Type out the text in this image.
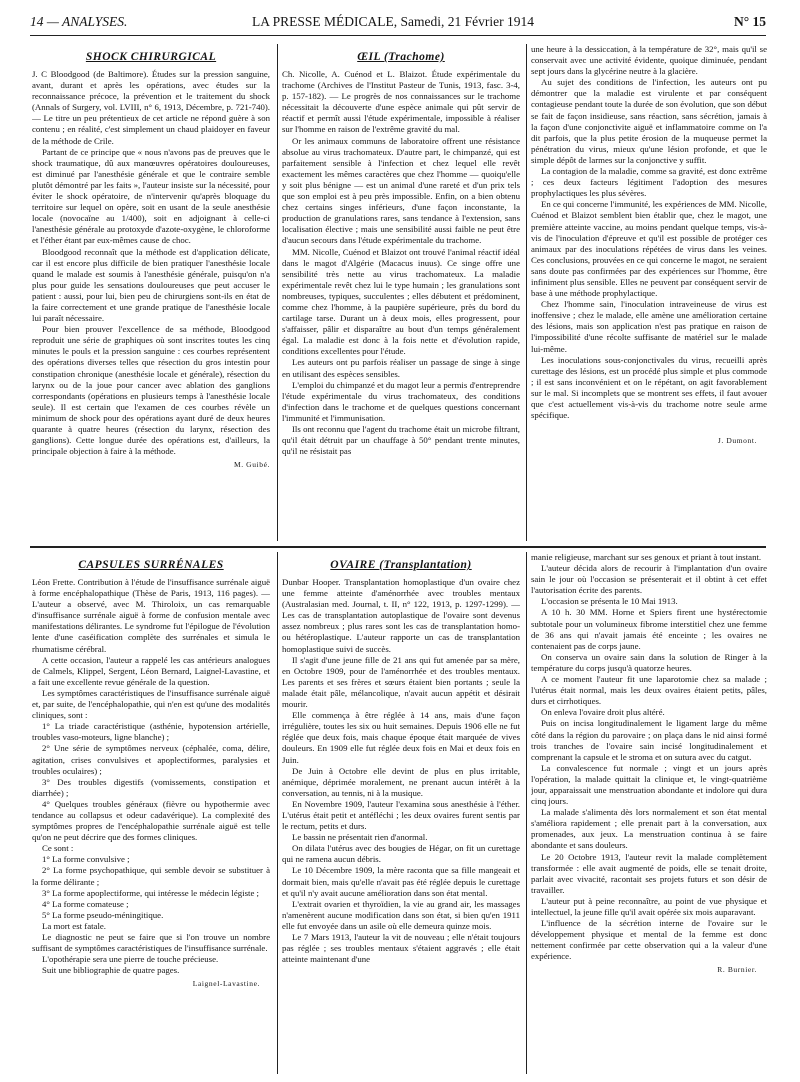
14 — ANALYSES.	LA PRESSE MÉDICALE, Samedi, 21 Février 1914	N° 15
SHOCK CHIRURGICAL

J. C Bloodgood (de Baltimore). Études sur la pression sanguine, avant, durant et après les opérations, avec études sur la reconnaissance précoce, la prévention et le traitement du shock (Annals of Surgery, vol. LVIII, n° 6, 1913, Décembre, p. 721-740). — Le titre un peu prétentieux de cet article ne répond guère à son contenu ; en réalité, c'est simplement un chaud plaidoyer en faveur de la méthode de Crile.

Partant de ce principe que « nous n'avons pas de preuves que le shock traumatique, dû aux manœuvres opératoires douloureuses, est diminué par l'anesthésie générale et que le contraire semble plutôt démontré par les faits », l'auteur insiste sur la nécessité, pour éviter le shock opératoire, de n'intervenir qu'après bloquage du territoire sur lequel on opère, soit en usant de la seule anesthésie locale (novocaïne au 1/400), soit en adjoignant à celle-ci l'anesthésie générale au protoxyde d'azote-oxygène, le chloroforme et l'éther étant par eux-mêmes cause de choc.

Bloodgood reconnaît que la méthode est d'application délicate, car il est encore plus difficile de bien pratiquer l'anesthésie locale quand le malade est soumis à l'anesthésie générale, puisqu'on n'a plus pour guide les sensations douloureuses que peut accuser le patient : aussi, pour lui, bien peu de chirurgiens sont-ils en état de la faire correctement et une grande pratique de l'anesthésie locale lui paraît nécessaire.

Pour bien prouver l'excellence de sa méthode, Bloodgood reproduit une série de graphiques où sont inscrites toutes les cinq minutes le pouls et la pression sanguine : ces courbes représentent des opérations diverses telles que résection du gros intestin pour constipation chronique (anesthésie locale et générale), résection du larynx ou de la joue pour cancer avec ablation des ganglions correspondants (opérations en plusieurs temps à l'anesthésie locale seule). Il est certain que l'examen de ces courbes révèle un minimum de shock pour des opérations ayant duré de deux heures quarante à quatre heures (résection du larynx, résection des ganglions). Cette longue durée des opérations est, d'ailleurs, la principale objection à faire à la méthode.

M. Guibé.
ŒIL (Trachome)

Ch. Nicolle, A. Cuénod et L. Blaizot. Étude expérimentale du trachome (Archives de l'Institut Pasteur de Tunis, 1913, fasc. 3-4, p. 157-182). — Le progrès de nos connaissances sur le trachome nécessitait la découverte d'une espèce animale qui pût servir de réactif et permît aussi l'étude expérimentale, impossible à réaliser sur l'homme en raison de l'extrême gravité du mal.

Or les animaux communs de laboratoire offrent une résistance absolue au virus trachomateux. D'autre part, le chimpanzé, qui est parfaitement sensible à l'infection et chez lequel elle revêt exactement les mêmes caractères que chez l'homme — quoiqu'elle y soit plus bénigne — est un animal d'une rareté et d'un prix tels que son emploi est à peu près impossible. Enfin, on a bien obtenu chez certains singes inférieurs, d'une façon inconstante, la production de granulations rares, sans tendance à l'extension, sans localisation élective ; mais une sensibilité aussi faible ne peut être d'aucun secours dans l'étude expérimentale du trachome.

MM. Nicolle, Cuénod et Blaizot ont trouvé l'animal réactif idéal dans le magot d'Algérie (Macacus inuus). Ce singe offre une sensibilité très nette au virus trachomateux. La maladie expérimentale revêt chez lui le type humain ; les granulations sont nombreuses, typiques, succulentes ; elles débutent et prédominent, comme chez l'homme, à la paupière supérieure, près du bord du cartilage tarse. Durant un à deux mois, elles progressent, pour s'affaisser, pâlir et disparaître au bout d'un temps généralement égal. La maladie est donc à la fois nette et d'évolution rapide, conditions excellentes pour l'étude.

Les auteurs ont pu parfois réaliser un passage de singe à singe en utilisant des espèces sensibles.

L'emploi du chimpanzé et du magot leur a permis d'entreprendre l'étude expérimentale du virus trachomateux, des conditions d'infection dans le trachome et de quelques questions concernant l'immunité et l'immunisation.

Ils ont reconnu que l'agent du trachome était un microbe filtrant, qu'il était détruit par un chauffage à 50° pendant trente minutes, qu'il ne résistait pas

une heure à la dessiccation, à la température de 32°, mais qu'il se conservait avec une activité évidente, quoique diminuée, pendant sept jours dans la glycérine neutre à la glacière.

Au sujet des conditions de l'infection, les auteurs ont pu démontrer que la maladie est virulente et par conséquent contagieuse pendant toute la durée de son évolution, que son début se fait de façon insidieuse, sans réaction, sans sécrétion, jamais à la façon d'une conjonctivite aiguë et inflammatoire comme on l'a dit parfois, que la plus petite érosion de la muqueuse permet la pénétration du virus, mieux qu'une lésion profonde, et que le simple dépôt de larmes sur la conjonctive y suffit.

La contagion de la maladie, comme sa gravité, est donc extrême ; ces deux facteurs légitiment l'adoption des mesures prophylactiques les plus sévères.

En ce qui concerne l'immunité, les expériences de MM. Nicolle, Cuénod et Blaizot semblent bien établir que, chez le magot, une première atteinte vaccine, au moins pendant quelque temps, vis-à-vis de l'inoculation d'épreuve et qu'il est possible de protéger ces animaux par des inoculations répétées de virus dans les veines. Ces conclusions, prouvées en ce qui concerne le magot, ne seraient sans doute pas confirmées par des expériences sur l'homme, être infiniment plus sensible. Elles ne peuvent par conséquent servir de base à une méthode prophylactique.

Chez l'homme sain, l'inoculation intraveineuse de virus est inoffensive ; chez le malade, elle amène une amélioration certaine des lésions, mais son application n'est pas pratique en raison de l'impossibilité d'une récolte suffisante de matériel sur le malade lui-même.

Les inoculations sous-conjonctivales du virus, recueilli après curettage des lésions, est un procédé plus simple et plus commode ; il est sans inconvénient et on le répétant, on agit favorablement sur le mal. Si incomplets que se montrent ses effets, il faut avouer que c'est actuellement vis-à-vis du trachome notre seule arme spécifique.

J. Dumont.
CAPSULES SURRÉNALES

Léon Frette. Contribution à l'étude de l'insuffisance surrénale aiguë à forme encéphalopathique (Thèse de Paris, 1913, 116 pages). — L'auteur a observé, avec M. Thiroloix, un cas remarquable d'insuffisance surrénale aiguë à forme de confusion mentale avec manifestations délirantes. Le syndrome fut l'épilogue de l'évolution lente d'une caséification complète des surrénales et simula le rhumatisme cérébral.

A cette occasion, l'auteur a rappelé les cas antérieurs analogues de Calmels, Klippel, Sergent, Léon Bernard, Laignel-Lavastine, et a fait une excellente revue générale de la question.

Les symptômes caractéristiques de l'insuffisance surrénale aiguë et, par suite, de l'encéphalopathie, qui n'en est qu'une des modalités cliniques, sont :

1° La triade caractéristique (asthénie, hypotension artérielle, troubles vaso-moteurs, ligne blanche) ;

2° Une série de symptômes nerveux (céphalée, coma, délire, agitation, crises convulsives et apoplectiformes, paralysies et troubles oculaires) ;

3° Des troubles digestifs (vomissements, constipation et diarrhée) ;

4° Quelques troubles généraux (fièvre ou hypothermie avec tendance au collapsus et odeur cadavérique). La complexité des symptômes propres de l'encéphalopathie surrénale aiguë est telle qu'on ne peut décrire que des formes cliniques.

Ce sont :

1° La forme convulsive ;

2° La forme psychopathique, qui semble devoir se substituer à la forme délirante ;

3° La forme apoplectiforme, qui intéresse le médecin légiste ;

4° La forme comateuse ;

5° La forme pseudo-méningitique.

La mort est fatale.

Le diagnostic ne peut se faire que si l'on trouve un nombre suffisant de symptômes caractéristiques de l'insuffisance surrénale.

L'opothérapie sera une pierre de touche précieuse.

Suit une bibliographie de quatre pages.

Laignel-Lavastine.
OVAIRE (Transplantation)

Dunbar Hooper. Transplantation homoplastique d'un ovaire chez une femme atteinte d'aménorrhée avec troubles mentaux (Australasian med. Journal, t. II, n° 122, 1913, p. 1297-1299). — Les cas de transplantation autoplastique de l'ovaire sont devenus assez nombreux ; plus rares sont les cas de transplantation homo- ou hétéroplastique. L'auteur rapporte un cas de transplantation homoplastique suivi de succès.

Il s'agit d'une jeune fille de 21 ans qui fut amenée par sa mère, en Octobre 1909, pour de l'aménorrhée et des troubles mentaux. Les parents et ses frères et sœurs étaient bien portants ; seule la malade était pâle, mélancolique, n'avait aucun appétit et désirait mourir.

Elle commença à être réglée à 14 ans, mais d'une façon irrégulière, toutes les six ou huit semaines. Depuis 1906 elle ne fut réglée que deux fois, mais chaque époque était marquée de vives douleurs. En 1909 elle fut réglée deux fois en Mai et deux fois en Juin.

De Juin à Octobre elle devint de plus en plus irritable, anémique, déprimée moralement, ne prenant aucun intérêt à la conversation, au tennis, ni à la musique.

En Novembre 1909, l'auteur l'examina sous anesthésie à l'éther. L'utérus était petit et antéfléchi ; les deux ovaires furent sentis par le rectum, petits et durs.

Le bassin ne présentait rien d'anormal.

On dilata l'utérus avec des bougies de Hégar, on fit un curettage qui ne ramena aucun débris.

Le 10 Décembre 1909, la mère raconta que sa fille mangeait et dormait bien, mais qu'elle n'avait pas été réglée depuis le curettage et qu'il n'y avait aucune amélioration dans son état mental.

L'extrait ovarien et thyroïdien, la vie au grand air, les massages n'amenèrent aucune modification dans son état, si bien qu'en 1911 elle fut envoyée dans un asile où elle demeura quinze mois.

Le 7 Mars 1913, l'auteur la vit de nouveau ; elle n'était toujours pas réglée ; ses troubles mentaux s'étaient aggravés ; elle était atteinte maintenant d'une

manie religieuse, marchant sur ses genoux et priant à tout instant.

L'auteur décida alors de recourir à l'implantation d'un ovaire sain le jour où l'occasion se présenterait et il obtint à cet effet l'autorisation écrite des parents.

L'occasion se présenta le 10 Mai 1913.

A 10 h. 30 MM. Horne et Spiers firent une hystérectomie subtotale pour un volumineux fibrome interstitiel chez une femme de 36 ans qui n'avait jamais été enceinte ; les ovaires ne contenaient pas de corps jaune.

On conserva un ovaire sain dans la solution de Ringer à la température du corps jusqu'à quatorze heures.

A ce moment l'auteur fit une laparotomie chez sa malade ; l'utérus était normal, mais les deux ovaires étaient petits, pâles, durs et cirrhotiques.

On enleva l'ovaire droit plus altéré.

Puis on incisa longitudinalement le ligament large du même côté dans la région du parovaire ; on plaça dans le nid ainsi formé trois tranches de l'ovaire sain incisé longitudinalement et comprenant la capsule et le stroma et on sutura avec du catgut.

La convalescence fut normale ; vingt et un jours après l'opération, la malade quittait la clinique et, le vingt-quatrième jour, apparaissait une menstruation abondante et indolore qui dura cinq jours.

La malade s'alimenta dès lors normalement et son état mental s'améliora rapidement ; elle prenait part à la conversation, aux promenades, aux jeux. La menstruation continua à se faire abondante et sans douleurs.

Le 20 Octobre 1913, l'auteur revit la malade complètement transformée : elle avait augmenté de poids, elle se tenait droite, parlait avec vivacité, racontait ses projets futurs et son désir de travailler.

L'auteur put à peine reconnaître, au point de vue physique et intellectuel, la jeune fille qu'il avait opérée six mois auparavant.

L'influence de la sécrétion interne de l'ovaire sur le développement physique et mental de la femme est donc nettement confirmée par cette observation qui a la valeur d'une expérience.

R. Burnier.
